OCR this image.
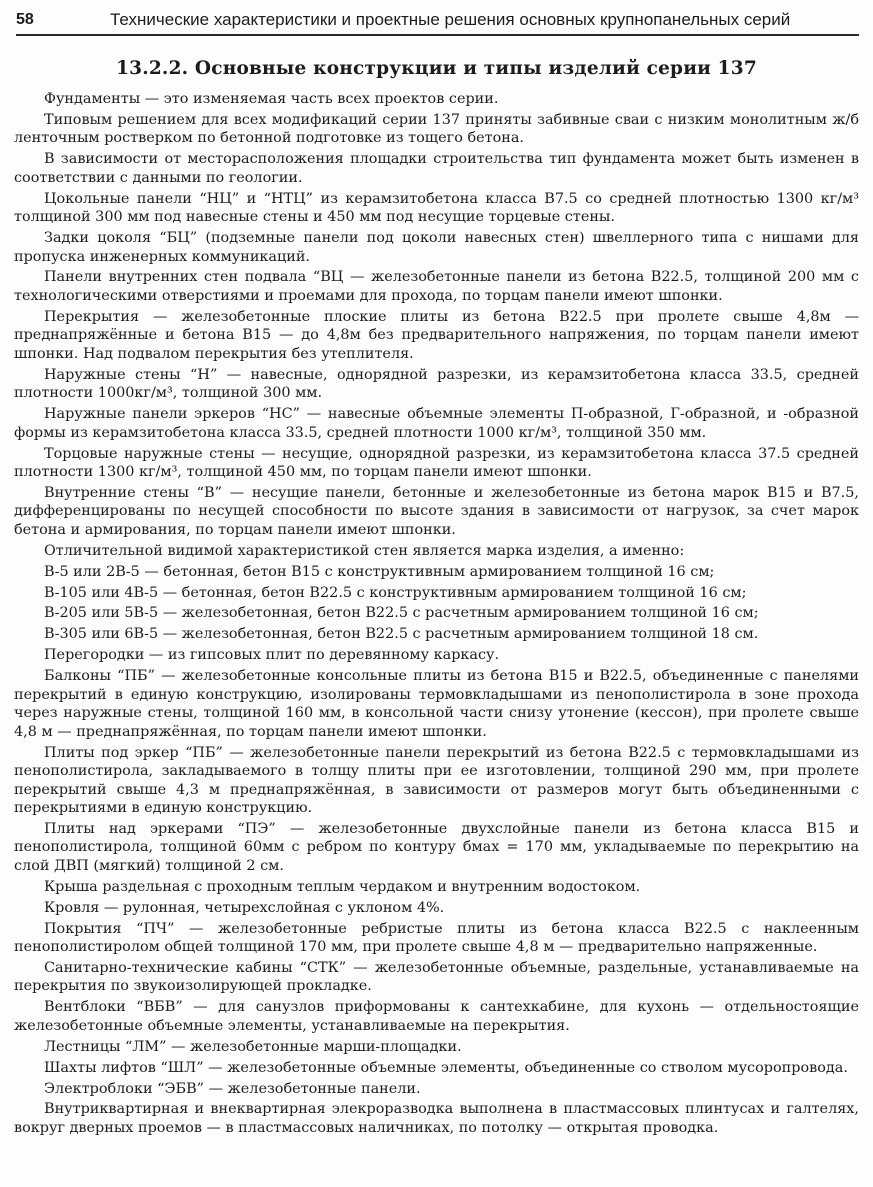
58	Технические характеристики и проектные решения основных крупнопанельных серий
13.2.2. Основные конструкции и типы изделий серии 137

Фундаменты — это изменяемая часть всех проектов серии.

Типовым решением для всех модификаций серии 137 приняты забивные сваи с низким монолитным ж/б ленточным ростверком по бетонной подготовке из тощего бетона.

В зависимости от месторасположения площадки строительства тип фундамента может быть изменен в соответствии с данными по геологии.

Цокольные панели “НЦ” и “НТЦ” из керамзитобетона класса В7.5 со средней плотностью 1300 кг/м³ толщиной 300 мм под навесные стены и 450 мм под несущие торцевые стены.

Задки цоколя “БЦ” (подземные панели под цоколи навесных стен) швеллерного типа с нишами для пропуска инженерных коммуникаций.

Панели внутренних стен подвала “ВЦ — железобетонные панели из бетона В22.5, толщиной 200 мм с технологическими отверстиями и проемами для прохода, по торцам панели имеют шпонки.

Перекрытия — железобетонные плоские плиты из бетона В22.5 при пролете свыше 4,8м — преднапряжённые и бетона В15 — до 4,8м без предварительного напряжения, по торцам панели имеют шпонки. Над подвалом перекрытия без утеплителя.

Наружные стены “Н” — навесные, однорядной разрезки, из керамзитобетона класса 33.5, средней плотности 1000кг/м³, толщиной 300 мм.

Наружные панели эркеров “НС” — навесные объемные элементы П-образной, Г-образной, и -образной формы из керамзитобетона класса 33.5, средней плотности 1000 кг/м³, толщиной 350 мм.

Торцовые наружные стены — несущие, однорядной разрезки, из керамзитобетона класса 37.5 средней плотности 1300 кг/м³, толщиной 450 мм, по торцам панели имеют шпонки.

Внутренние стены “В” — несущие панели, бетонные и железобетонные из бетона марок В15 и В7.5, дифференцированы по несущей способности по высоте здания в зависимости от нагрузок, за счет марок бетона и армирования, по торцам панели имеют шпонки.

Отличительной видимой характеристикой стен является марка изделия, а именно:

В-5 или 2В-5 — бетонная, бетон В15 с конструктивным армированием толщиной 16 см;

В-105 или 4В-5 — бетонная, бетон В22.5 с конструктивным армированием толщиной 16 см;

В-205 или 5В-5 — железобетонная, бетон В22.5 с расчетным армированием толщиной 16 см;

В-305 или 6В-5 — железобетонная, бетон В22.5 с расчетным армированием толщиной 18 см.

Перегородки — из гипсовых плит по деревянному каркасу.

Балконы “ПБ” — железобетонные консольные плиты из бетона В15 и В22.5, объединенные с панелями перекрытий в единую конструкцию, изолированы термовкладышами из пенополистирола в зоне прохода через наружные стены, толщиной 160 мм, в консольной части снизу утонение (кессон), при пролете свыше 4,8 м — преднапряжённая, по торцам панели имеют шпонки.

Плиты под эркер “ПБ” — железобетонные панели перекрытий из бетона В22.5 с термовкладышами из пенополистирола, закладываемого в толщу плиты при ее изготовлении, толщиной 290 мм, при пролете перекрытий свыше 4,3 м преднапряжённая, в зависимости от размеров могут быть объединенными с перекрытиями в единую конструкцию.

Плиты над эркерами “ПЭ” — железобетонные двухслойные панели из бетона класса В15 и пенополистирола, толщиной 60мм с ребром по контуру бмах = 170 мм, укладываемые по перекрытию на слой ДВП (мягкий) толщиной 2 см.

Крыша раздельная с проходным теплым чердаком и внутренним водостоком.

Кровля — рулонная, четырехслойная с уклоном 4%.

Покрытия “ПЧ” — железобетонные ребристые плиты из бетона класса В22.5 с наклеенным пенополистиролом общей толщиной 170 мм, при пролете свыше 4,8 м — предварительно напряженные.

Санитарно-технические кабины “СТК” — железобетонные объемные, раздельные, устанавливаемые на перекрытия по звукоизолирующей прокладке.

Вентблоки “ВБВ” — для санузлов приформованы к сантехкабине, для кухонь — отдельностоящие железобетонные объемные элементы, устанавливаемые на перекрытия.

Лестницы “ЛМ” — железобетонные марши-площадки.

Шахты лифтов “ШЛ” — железобетонные объемные элементы, объединенные со стволом мусоропровода.

Электроблоки “ЭБВ” — железобетонные панели.

Внутриквартирная и внеквартирная элекроразводка выполнена в пластмассовых плинтусах и галтелях, вокруг дверных проемов — в пластмассовых наличниках, по потолку — открытая проводка.
